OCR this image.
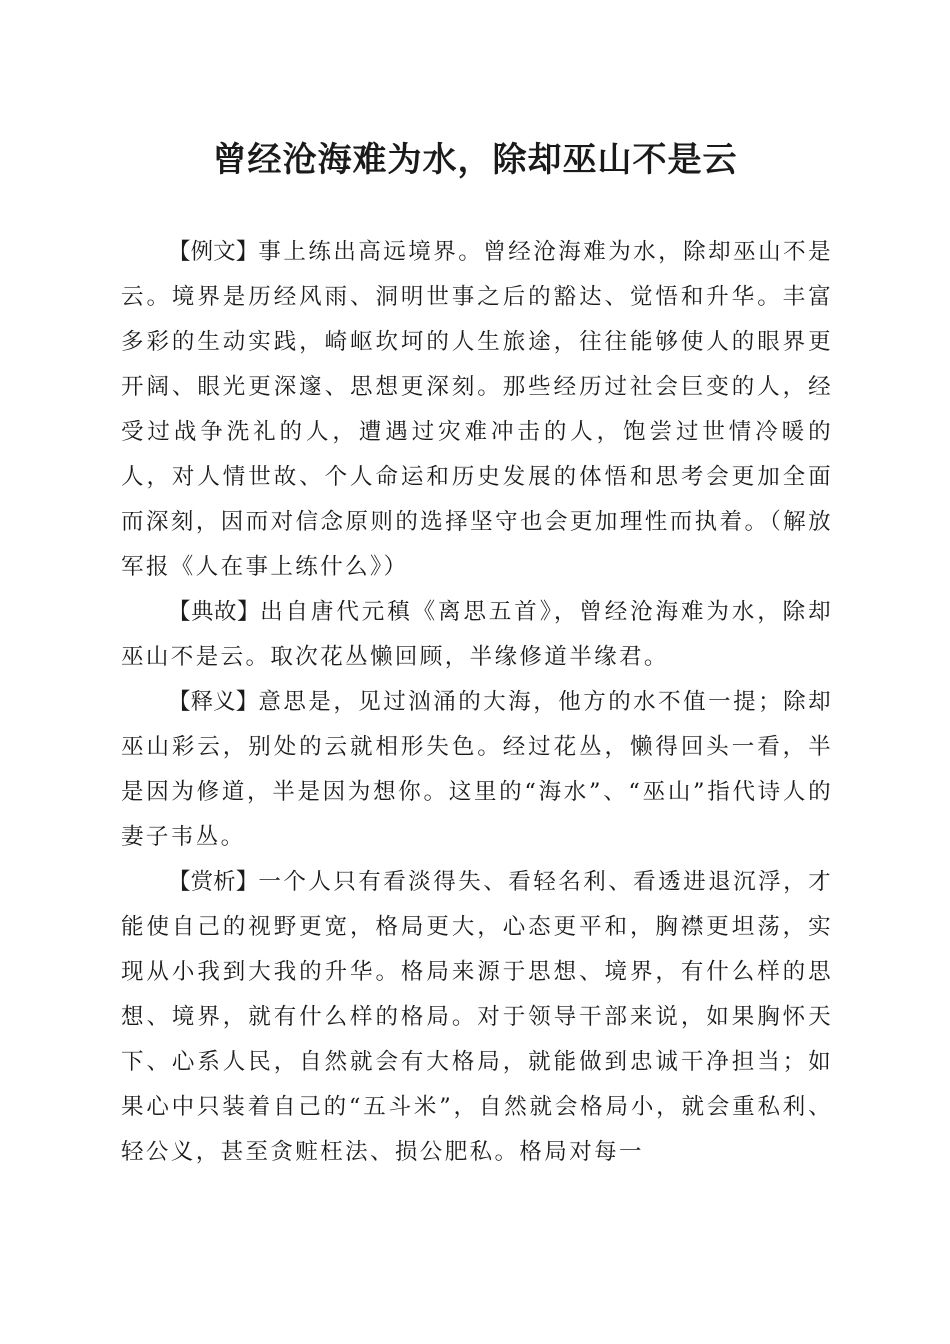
曾经沧海难为水，除却巫山不是云

【例文】事上练出高远境界。曾经沧海难为水，除却巫山不是云。境界是历经风雨、洞明世事之后的豁达、觉悟和升华。丰富多彩的生动实践，崎岖坎坷的人生旅途，往往能够使人的眼界更开阔、眼光更深邃、思想更深刻。那些经历过社会巨变的人，经受过战争洗礼的人，遭遇过灾难冲击的人，饱尝过世情冷暖的人，对人情世故、个人命运和历史发展的体悟和思考会更加全面而深刻，因而对信念原则的选择坚守也会更加理性而执着。（解放军报《人在事上练什么》）

【典故】出自唐代元稹《离思五首》，曾经沧海难为水，除却巫山不是云。取次花丛懒回顾，半缘修道半缘君。

【释义】意思是，见过汹涌的大海，他方的水不值一提；除却巫山彩云，别处的云就相形失色。经过花丛，懒得回头一看，半是因为修道，半是因为想你。这里的“海水”、“巫山”指代诗人的妻子韦丛。

【赏析】一个人只有看淡得失、看轻名利、看透进退沉浮，才能使自己的视野更宽，格局更大，心态更平和，胸襟更坦荡，实现从小我到大我的升华。格局来源于思想、境界，有什么样的思想、境界，就有什么样的格局。对于领导干部来说，如果胸怀天下、心系人民，自然就会有大格局，就能做到忠诚干净担当；如果心中只装着自己的“五斗米”，自然就会格局小，就会重私利、轻公义，甚至贪赃枉法、损公肥私。格局对每一
